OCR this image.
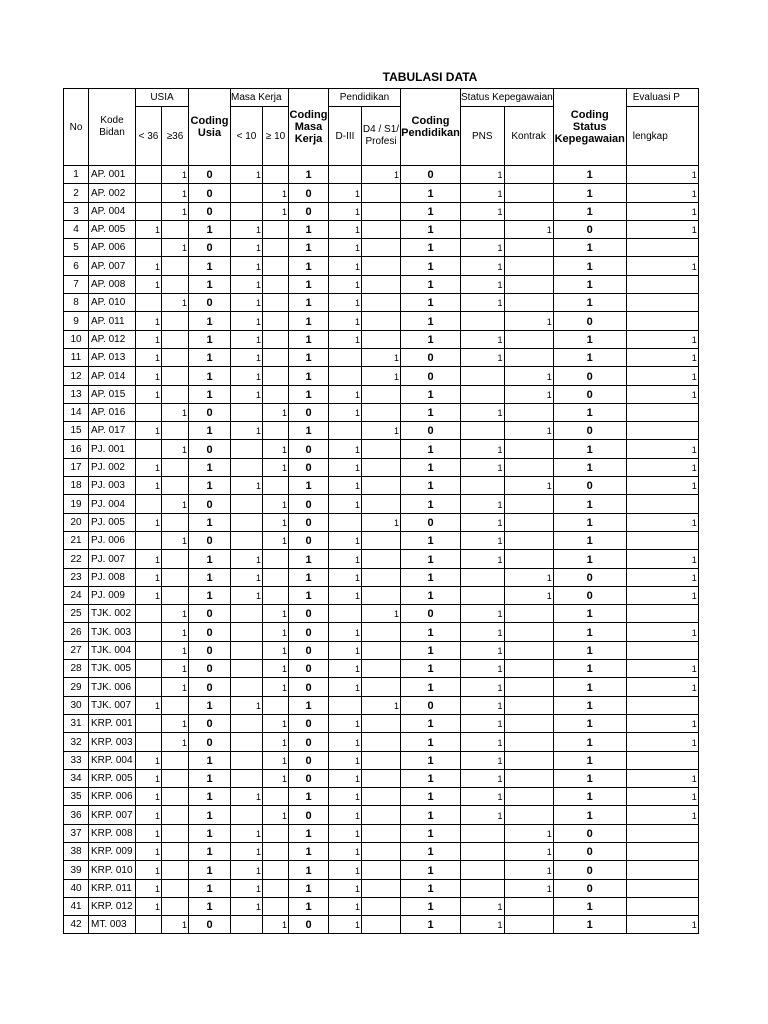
TABULASI DATA
No	Kode Bidan	USIA		Coding Usia	Masa Kerja		Coding Masa Kerja	Pendidikan		Coding Pendidikan	Status Kepegawaian		Coding Status Kepegawaian	Evaluasi P
		< 36	≥36		< 10	≥ 10		D-III	D4 / S1/ Profesi		PNS	Kontrak		lengkap
1	AP. 001		1	0	1		1		1	0	1		1	1
2	AP. 002		1	0		1	0	1		1	1		1	1
3	AP. 004		1	0		1	0	1		1	1		1	1
4	AP. 005	1		1	1		1	1		1		1	0	1
5	AP. 006		1	0	1		1	1		1	1		1	
6	AP. 007	1		1	1		1	1		1	1		1	1
7	AP. 008	1		1	1		1	1		1	1		1	
8	AP. 010		1	0	1		1	1		1	1		1	
9	AP. 011	1		1	1		1	1		1		1	0	
10	AP. 012	1		1	1		1	1		1	1		1	1
11	AP. 013	1		1	1		1		1	0	1		1	1
12	AP. 014	1		1	1		1		1	0		1	0	1
13	AP. 015	1		1	1		1	1		1		1	0	1
14	AP. 016		1	0		1	0	1		1	1		1	
15	AP. 017	1		1	1		1		1	0		1	0	
16	PJ. 001		1	0		1	0	1		1	1		1	1
17	PJ. 002	1		1		1	0	1		1	1		1	1
18	PJ. 003	1		1	1		1	1		1		1	0	1
19	PJ. 004		1	0		1	0	1		1	1		1	
20	PJ. 005	1		1		1	0		1	0	1		1	1
21	PJ. 006		1	0		1	0	1		1	1		1	
22	PJ. 007	1		1	1		1	1		1	1		1	1
23	PJ. 008	1		1	1		1	1		1		1	0	1
24	PJ. 009	1		1	1		1	1		1		1	0	1
25	TJK. 002		1	0		1	0		1	0	1		1	
26	TJK. 003		1	0		1	0	1		1	1		1	1
27	TJK. 004		1	0		1	0	1		1	1		1	
28	TJK. 005		1	0		1	0	1		1	1		1	1
29	TJK. 006		1	0		1	0	1		1	1		1	1
30	TJK. 007	1		1	1		1		1	0	1		1	
31	KRP. 001		1	0		1	0	1		1	1		1	1
32	KRP. 003		1	0		1	0	1		1	1		1	1
33	KRP. 004	1		1		1	0	1		1	1		1	
34	KRP. 005	1		1		1	0	1		1	1		1	1
35	KRP. 006	1		1	1		1	1		1	1		1	1
36	KRP. 007	1		1		1	0	1		1	1		1	1
37	KRP. 008	1		1	1		1	1		1		1	0	
38	KRP. 009	1		1	1		1	1		1		1	0	
39	KRP. 010	1		1	1		1	1		1		1	0	
40	KRP. 011	1		1	1		1	1		1		1	0	
41	KRP. 012	1		1	1		1	1		1	1		1	
42	MT. 003		1	0		1	0	1		1	1		1	1
